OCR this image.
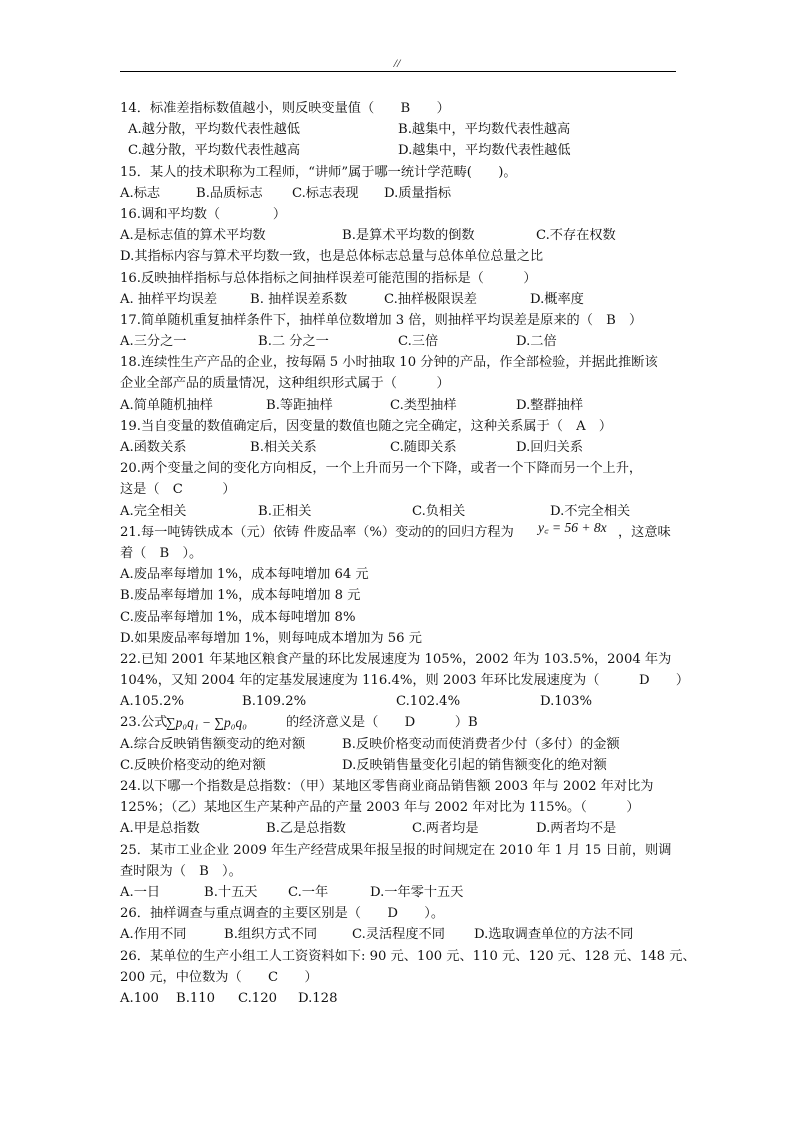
//
14．标准差指标数值越小，则反映变量值（　　B　　）
A.越分散，平均数代表性越低	B.越集中，平均数代表性越高
C.越分散，平均数代表性越高	D.越集中，平均数代表性越低
15．某人的技术职称为工程师，“讲师”属于哪一统计学范畴(　　)。
A.标志	B.品质标志 C.标志表现 D.质量指标
16.调和平均数（　　　　）
A.是标志值的算术平均数	B.是算术平均数的倒数	C.不存在权数
D.其指标内容与算术平均数一致，也是总体标志总量与总体单位总量之比
16.反映抽样指标与总体指标之间抽样误差可能范围的指标是（　　　）
A. 抽样平均误差 B. 抽样误差系数	C.抽样极限误差	D.概率度
17.简单随机重复抽样条件下，抽样单位数增加 3 倍，则抽样平均误差是原来的（　B　）
A.三分之一	B.二 分之一	C.三倍	D.二倍
18.连续性生产产品的企业，按每隔 5 小时抽取 10 分钟的产品，作全部检验，并据此推断该
企业全部产品的质量情况，这种组织形式属于（　　　）
A.简单随机抽样	B.等距抽样	C.类型抽样	D.整群抽样
19.当自变量的数值确定后，因变量的数值也随之完全确定，这种关系属于（　A　）
A.函数关系	B.相关关系	C.随即关系	D.回归关系
20.两个变量之间的变化方向相反，一个上升而另一个下降，或者一个下降而另一个上升，
这是（　C　　　）
A.完全相关	B.正相关	C.负相关	D.不完全相关
21.每一吨铸铁成本（元）依铸 件废品率（%）变动的的回归方程为 y꜀ = 56 + 8x ，这意味
着（　B　）。
A.废品率每增加 1%，成本每吨增加 64 元
B.废品率每增加 1%，成本每吨增加 8 元
C.废品率每增加 1%，成本每吨增加 8%
D.如果废品率每增加 1%，则每吨成本增加为 56 元
22.已知 2001 年某地区粮食产量的环比发展速度为 105%，2002 年为 103.5%，2004 年为
104%，又知 2004 年的定基发展速度为 116.4%，则 2003 年环比发展速度为（　　　D　　）
A.105.2%	B.109.2%	C.102.4%	D.103%
23.公式
∑p₀q₁ − ∑p₀q₀	的经济意义是（　　D　　　）B
A.综合反映销售额变动的绝对额	B.反映价格变动而使消费者少付（多付）的金额
C.反映价格变动的绝对额	D.反映销售量变化引起的销售额变化的绝对额
24.以下哪一个指数是总指数：（甲）某地区零售商业商品销售额 2003 年与 2002 年对比为
125%；（乙）某地区生产某种产品的产量 2003 年与 2002 年对比为 115%。（　　　）
A.甲是总指数	B.乙是总指数	C.两者均是	D.两者均不是
25．某市工业企业 2009 年生产经营成果年报呈报的时间规定在 2010 年 1 月 15 日前，则调
查时限为（　B　）。
A.一日	B.十五天 C.一年	D.一年零十五天
26．抽样调查与重点调查的主要区别是（　　D　　）。
A.作用不同	B.组织方式不同	C.灵活程度不同 D.选取调查单位的方法不同
26．某单位的生产小组工人工资资料如下: 90 元、100 元、110 元、120 元、128 元、148 元、
200 元，中位数为（　　C　　）
A.100 B.110 C.120 D.128
